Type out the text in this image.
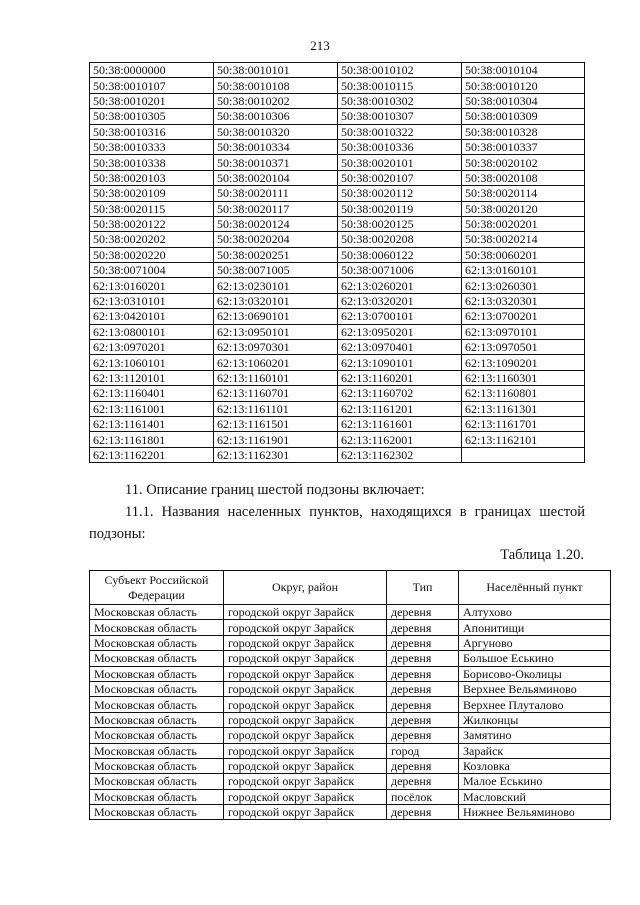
213
50:38:0000000	50:38:0010101	50:38:0010102	50:38:0010104
50:38:0010107	50:38:0010108	50:38:0010115	50:38:0010120
50:38:0010201	50:38:0010202	50:38:0010302	50:38:0010304
50:38:0010305	50:38:0010306	50:38:0010307	50:38:0010309
50:38:0010316	50:38:0010320	50:38:0010322	50:38:0010328
50:38:0010333	50:38:0010334	50:38:0010336	50:38:0010337
50:38:0010338	50:38:0010371	50:38:0020101	50:38:0020102
50:38:0020103	50:38:0020104	50:38:0020107	50:38:0020108
50:38:0020109	50:38:0020111	50:38:0020112	50:38:0020114
50:38:0020115	50:38:0020117	50:38:0020119	50:38:0020120
50:38:0020122	50:38:0020124	50:38:0020125	50:38:0020201
50:38:0020202	50:38:0020204	50:38:0020208	50:38:0020214
50:38:0020220	50:38:0020251	50:38:0060122	50:38:0060201
50:38:0071004	50:38:0071005	50:38:0071006	62:13:0160101
62:13:0160201	62:13:0230101	62:13:0260201	62:13:0260301
62:13:0310101	62:13:0320101	62:13:0320201	62:13:0320301
62:13:0420101	62:13:0690101	62:13:0700101	62:13:0700201
62:13:0800101	62:13:0950101	62:13:0950201	62:13:0970101
62:13:0970201	62:13:0970301	62:13:0970401	62:13:0970501
62:13:1060101	62:13:1060201	62:13:1090101	62:13:1090201
62:13:1120101	62:13:1160101	62:13:1160201	62:13:1160301
62:13:1160401	62:13:1160701	62:13:1160702	62:13:1160801
62:13:1161001	62:13:1161101	62:13:1161201	62:13:1161301
62:13:1161401	62:13:1161501	62:13:1161601	62:13:1161701
62:13:1161801	62:13:1161901	62:13:1162001	62:13:1162101
62:13:1162201	62:13:1162301	62:13:1162302	
11. Описание границ шестой подзоны включает:
11.1. Названия населенных пунктов, находящихся в границах шестой
подзоны:
Таблица 1.20.
Субъект Российской Федерации	Округ, район	Тип	Населённый пункт
Московская область	городской округ Зарайск	деревня	Алтухово
Московская область	городской округ Зарайск	деревня	Апонитищи
Московская область	городской округ Зарайск	деревня	Аргуново
Московская область	городской округ Зарайск	деревня	Большое Еськино
Московская область	городской округ Зарайск	деревня	Борисово-Околицы
Московская область	городской округ Зарайск	деревня	Верхнее Вельяминово
Московская область	городской округ Зарайск	деревня	Верхнее Плуталово
Московская область	городской округ Зарайск	деревня	Жилконцы
Московская область	городской округ Зарайск	деревня	Замятино
Московская область	городской округ Зарайск	город	Зарайск
Московская область	городской округ Зарайск	деревня	Козловка
Московская область	городской округ Зарайск	деревня	Малое Еськино
Московская область	городской округ Зарайск	посёлок	Масловский
Московская область	городской округ Зарайск	деревня	Нижнее Вельяминово
